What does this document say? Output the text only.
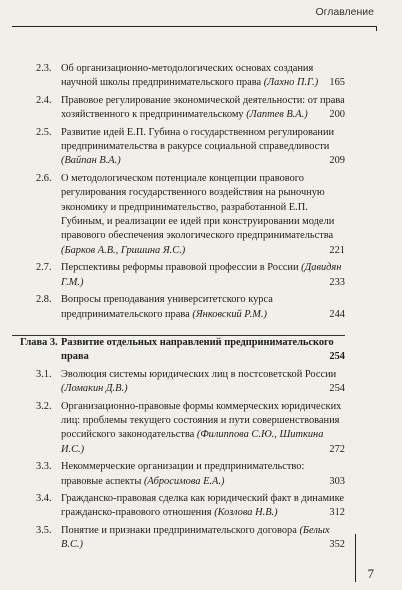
Оглавление
2.3. Об организационно-методологических основах создания научной школы предпринимательского права (Лахно П.Г.) 165
2.4. Правовое регулирование экономической деятельности: от права хозяйственного к предпринимательскому (Лаптев В.А.) 200
2.5. Развитие идей Е.П. Губина о государственном регулировании предпринимательства в ракурсе социальной справедливости (Вайпан В.А.)	209
2.6. О методологическом потенциале концепции правового регулирования государственного воздействия на рыночную экономику и предпринимательство, разработанной Е.П. Губиным, и реализации ее идей при конструировании модели правового обеспечения экологического предпринимательства (Барков А.В., Гришина Я.С.)	221
2.7. Перспективы реформы правовой профессии в России (Давидян Г.М.)	233
2.8. Вопросы преподавания университетского курса предпринимательского права (Янковский Р.М.)	244
Глава 3. Развитие отдельных направлений предпринимательского права	254
3.1. Эволюция системы юридических лиц в постсоветской России (Ломакин Д.В.)	254
3.2. Организационно-правовые формы коммерческих юридических лиц: проблемы текущего состояния и пути совершенствования российского законодательства (Филиппова С.Ю., Шиткина И.С.)	272
3.3. Некоммерческие организации и предпринимательство: правовые аспекты (Абросимова Е.А.)	303
3.4. Гражданско-правовая сделка как юридический факт в динамике гражданско-правового отношения (Козлова Н.В.)	312
3.5. Понятие и признаки предпринимательского договора (Белых В.С.)	352
7
